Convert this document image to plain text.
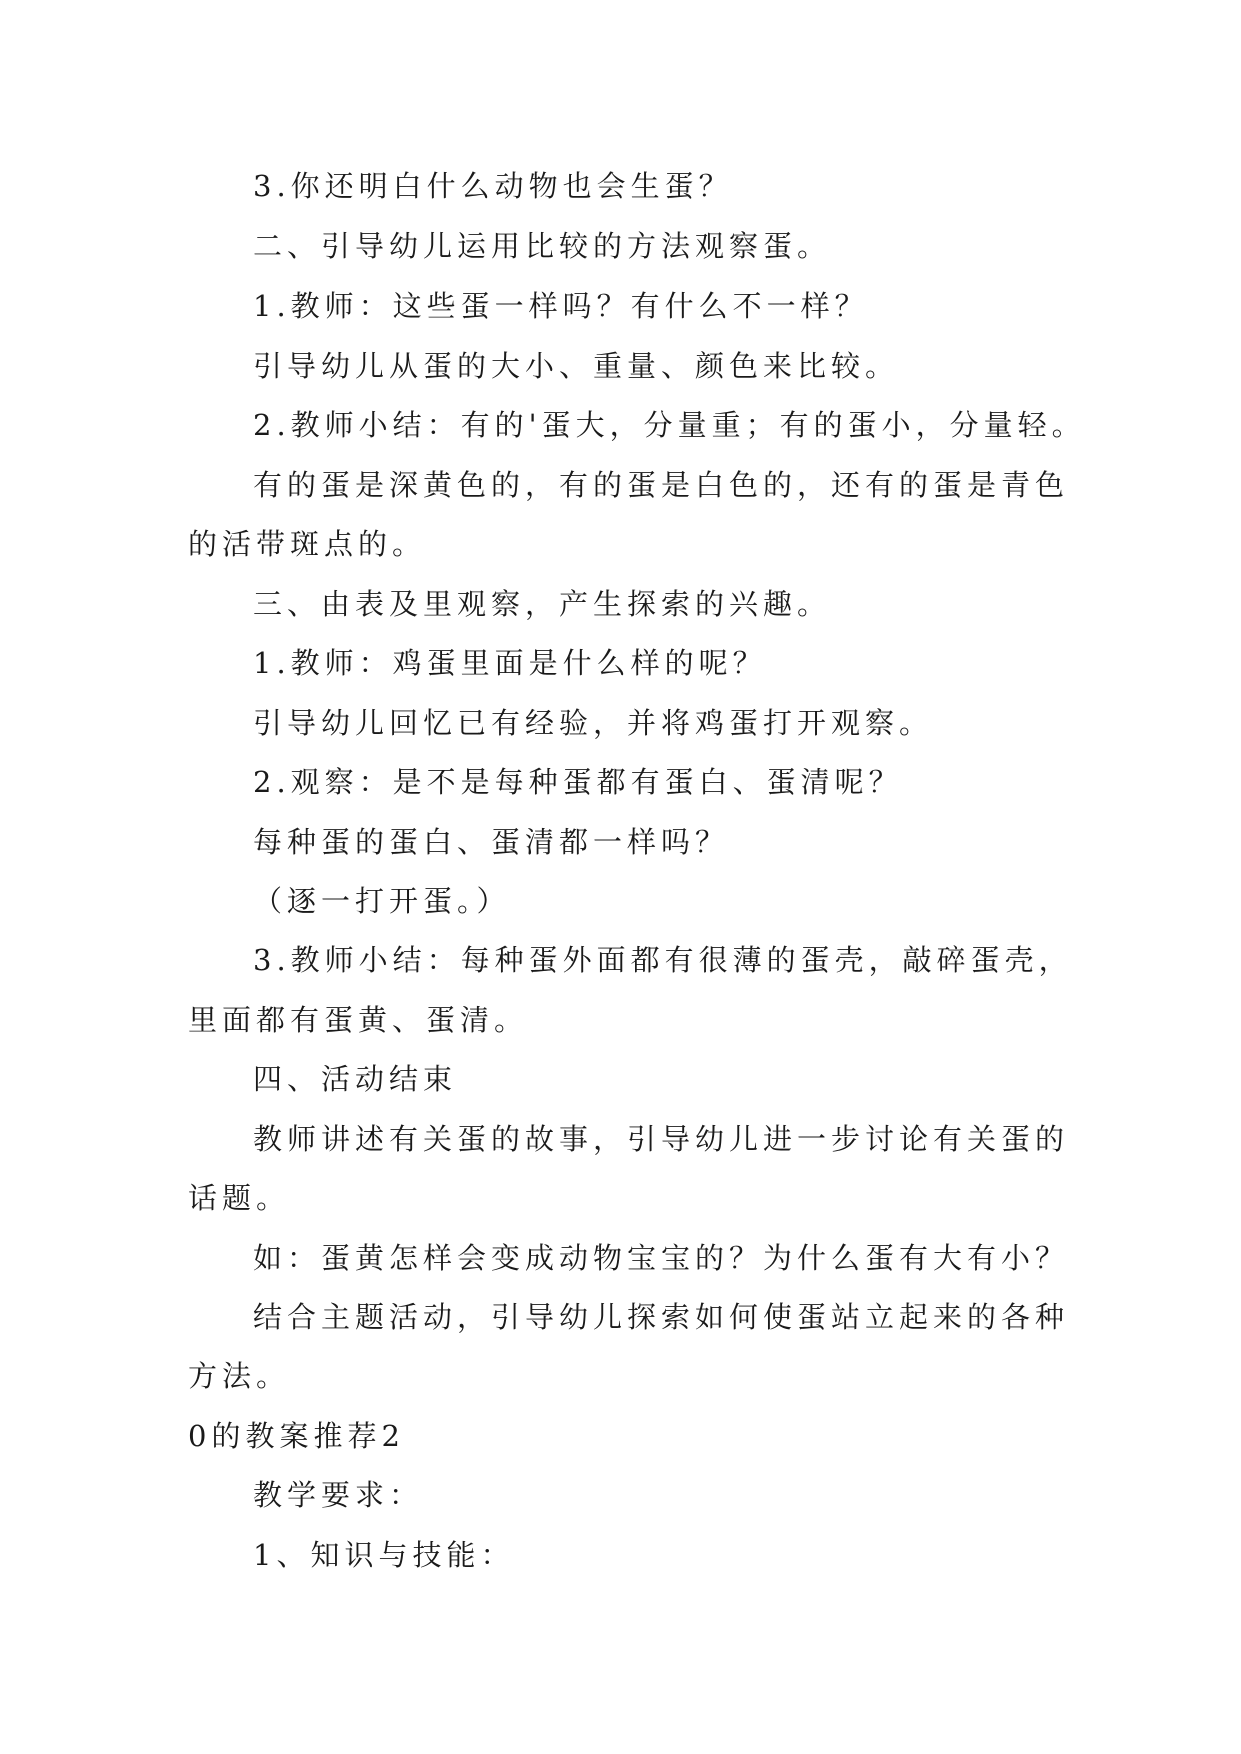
3.你还明白什么动物也会生蛋？
二、引导幼儿运用比较的方法观察蛋。
1.教师：这些蛋一样吗？有什么不一样？
引导幼儿从蛋的大小、重量、颜色来比较。
2.教师小结：有的'蛋大，分量重；有的蛋小，分量轻。
有的蛋是深黄色的，有的蛋是白色的，还有的蛋是青色
的活带斑点的。
三、由表及里观察，产生探索的兴趣。
1.教师：鸡蛋里面是什么样的呢？
引导幼儿回忆已有经验，并将鸡蛋打开观察。
2.观察：是不是每种蛋都有蛋白、蛋清呢？
每种蛋的蛋白、蛋清都一样吗？
（逐一打开蛋。）
3.教师小结：每种蛋外面都有很薄的蛋壳，敲碎蛋壳，
里面都有蛋黄、蛋清。
四、活动结束
教师讲述有关蛋的故事，引导幼儿进一步讨论有关蛋的
话题。
如：蛋黄怎样会变成动物宝宝的？为什么蛋有大有小？
结合主题活动，引导幼儿探索如何使蛋站立起来的各种
方法。
0的教案推荐2
教学要求：
1、知识与技能：
